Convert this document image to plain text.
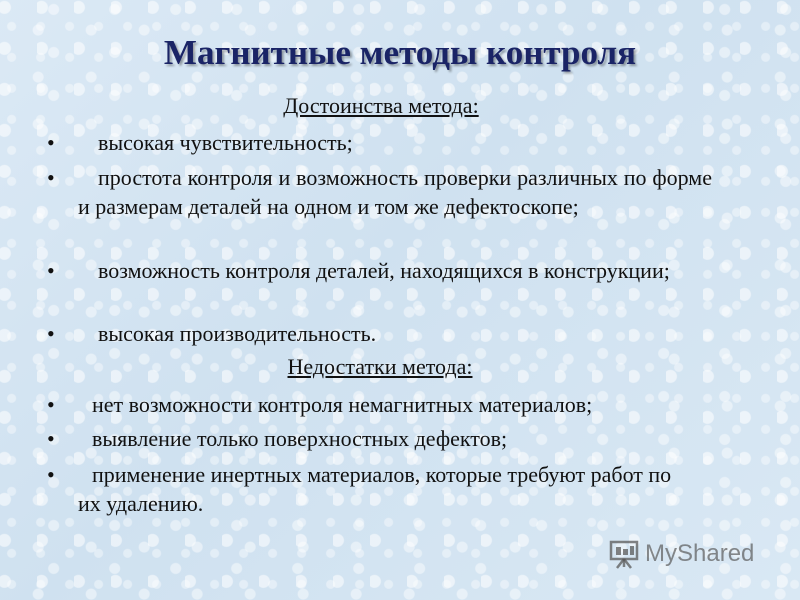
Магнитные методы контроля
Достоинства метода:
•	высокая чувствительность;
•	простота контроля и возможность проверки различных по форме и размерам деталей на одном и том же дефектоскопе;
•	возможность контроля деталей, находящихся в конструкции;
•	высокая производительность.
Недостатки метода:
•	нет возможности контроля немагнитных материалов;
•	выявление только поверхностных дефектов;
•	применение инертных материалов, которые требуют работ по их удалению.
MyShared
